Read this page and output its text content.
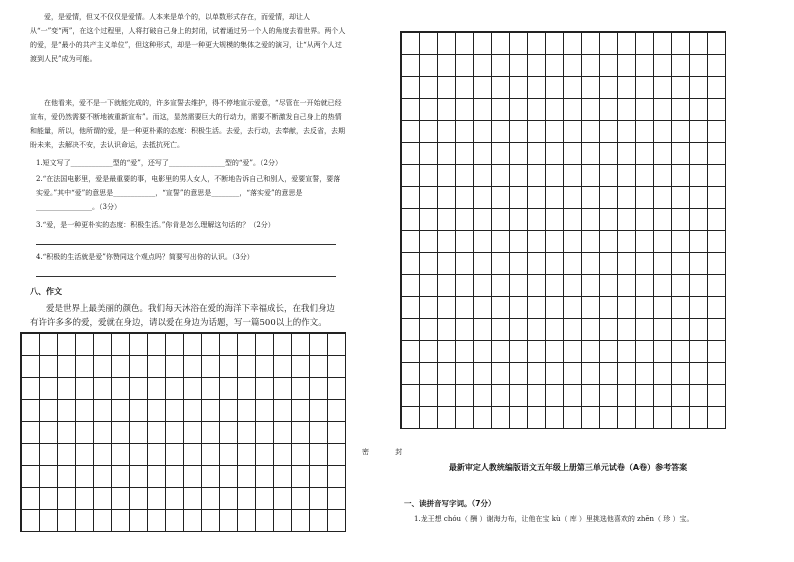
爱，是爱情，但又不仅仅是爱情。人本来是单个的，以单数形式存在，而爱情，却让人从“一”变“两”，在这个过程里，人将打破自己身上的封闭，试着通过另一个人的角度去看世界。两个人的爱，是“最小的共产主义单位”，但这种形式，却是一种更大规模的集体之爱的演习，让“从两个人过渡到人民”成为可能。

在他看来，爱不是一下就能完成的，许多宣誓去维护，得不停地宣示爱意，“尽管在一开始就已经宣布，爱仍然需要不断地被重新宣布”。而这，显然需要巨大的行动力，需要不断激发自己身上的热情和能量，所以，他所谓的爱，是一种更朴素的态度：积极生活。去爱，去行动，去奉献，去反省，去期盼未来，去解决不安，去认识命运，去抵抗死亡。

1.短文写了____________型的“爱”，还写了________________型的“爱”。（2分）

2.“在法国电影里，爱是最重要的事，电影里的男人女人，不断地告诉自己和别人，爱要宣誓，要落实爱。”其中“爱”的意思是____________，“宣誓”的意思是________，“落实爱”的意思是________________。（3分）

3.“爱，是一种更朴实的态度：积极生活。”你肯是怎么理解这句话的？（2分）

4.“积极的生活就是爱”你赞同这个观点吗？简要写出你的认识。（3分）

八、作文

爱是世界上最美丽的颜色。我们每天沐浴在爱的海洋下幸福成长，在我们身边有许许多多的爱，爱就在身边，请以爱在身边为话题，写一篇500以上的作文。

密 封
最新审定人教统编版语文五年级上册第三单元试卷（A卷）参考答案
一、读拼音写字词。（7分）
1.龙王想 chóu（ 酬 ）谢海力布，让他在宝 kù（ 库 ）里挑选他喜欢的 zhēn（ 珍 ）宝。
